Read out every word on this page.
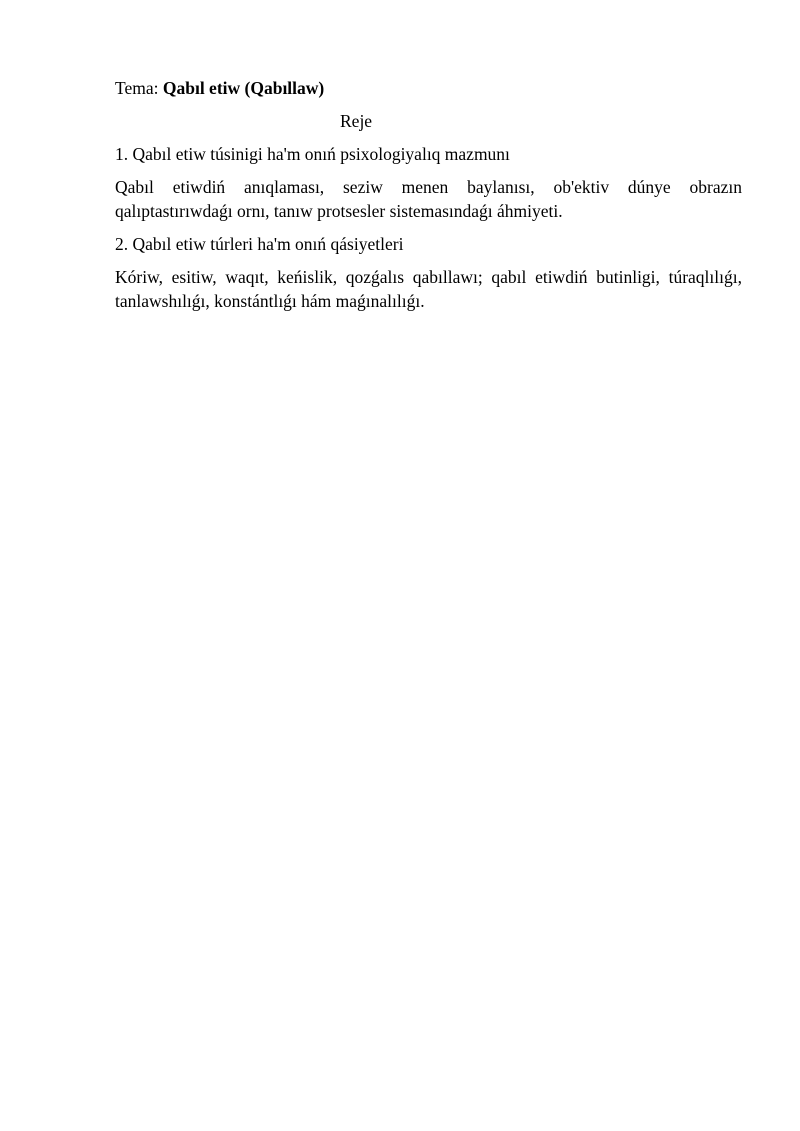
Tema: Qabıl etiw (Qabıllaw)

Reje

1. Qabıl etiw túsinigi ha'm onıń psixologiyalıq mazmunı

Qabıl etiwdiń anıqlaması, seziw menen baylanısı, ob'ektiv dúnye obrazın qalıptastırıwdaǵı ornı, tanıw protsesler sistemasındaǵı áhmiyeti.

2. Qabıl etiw túrleri ha'm onıń qásiyetleri

Kóriw, esitiw, waqıt, keńislik, qozǵalıs qabıllawı; qabıl etiwdiń butinligi, túraqlılıǵı, tanlawshılıǵı, konstántlıǵı hám maǵınalılıǵı.
